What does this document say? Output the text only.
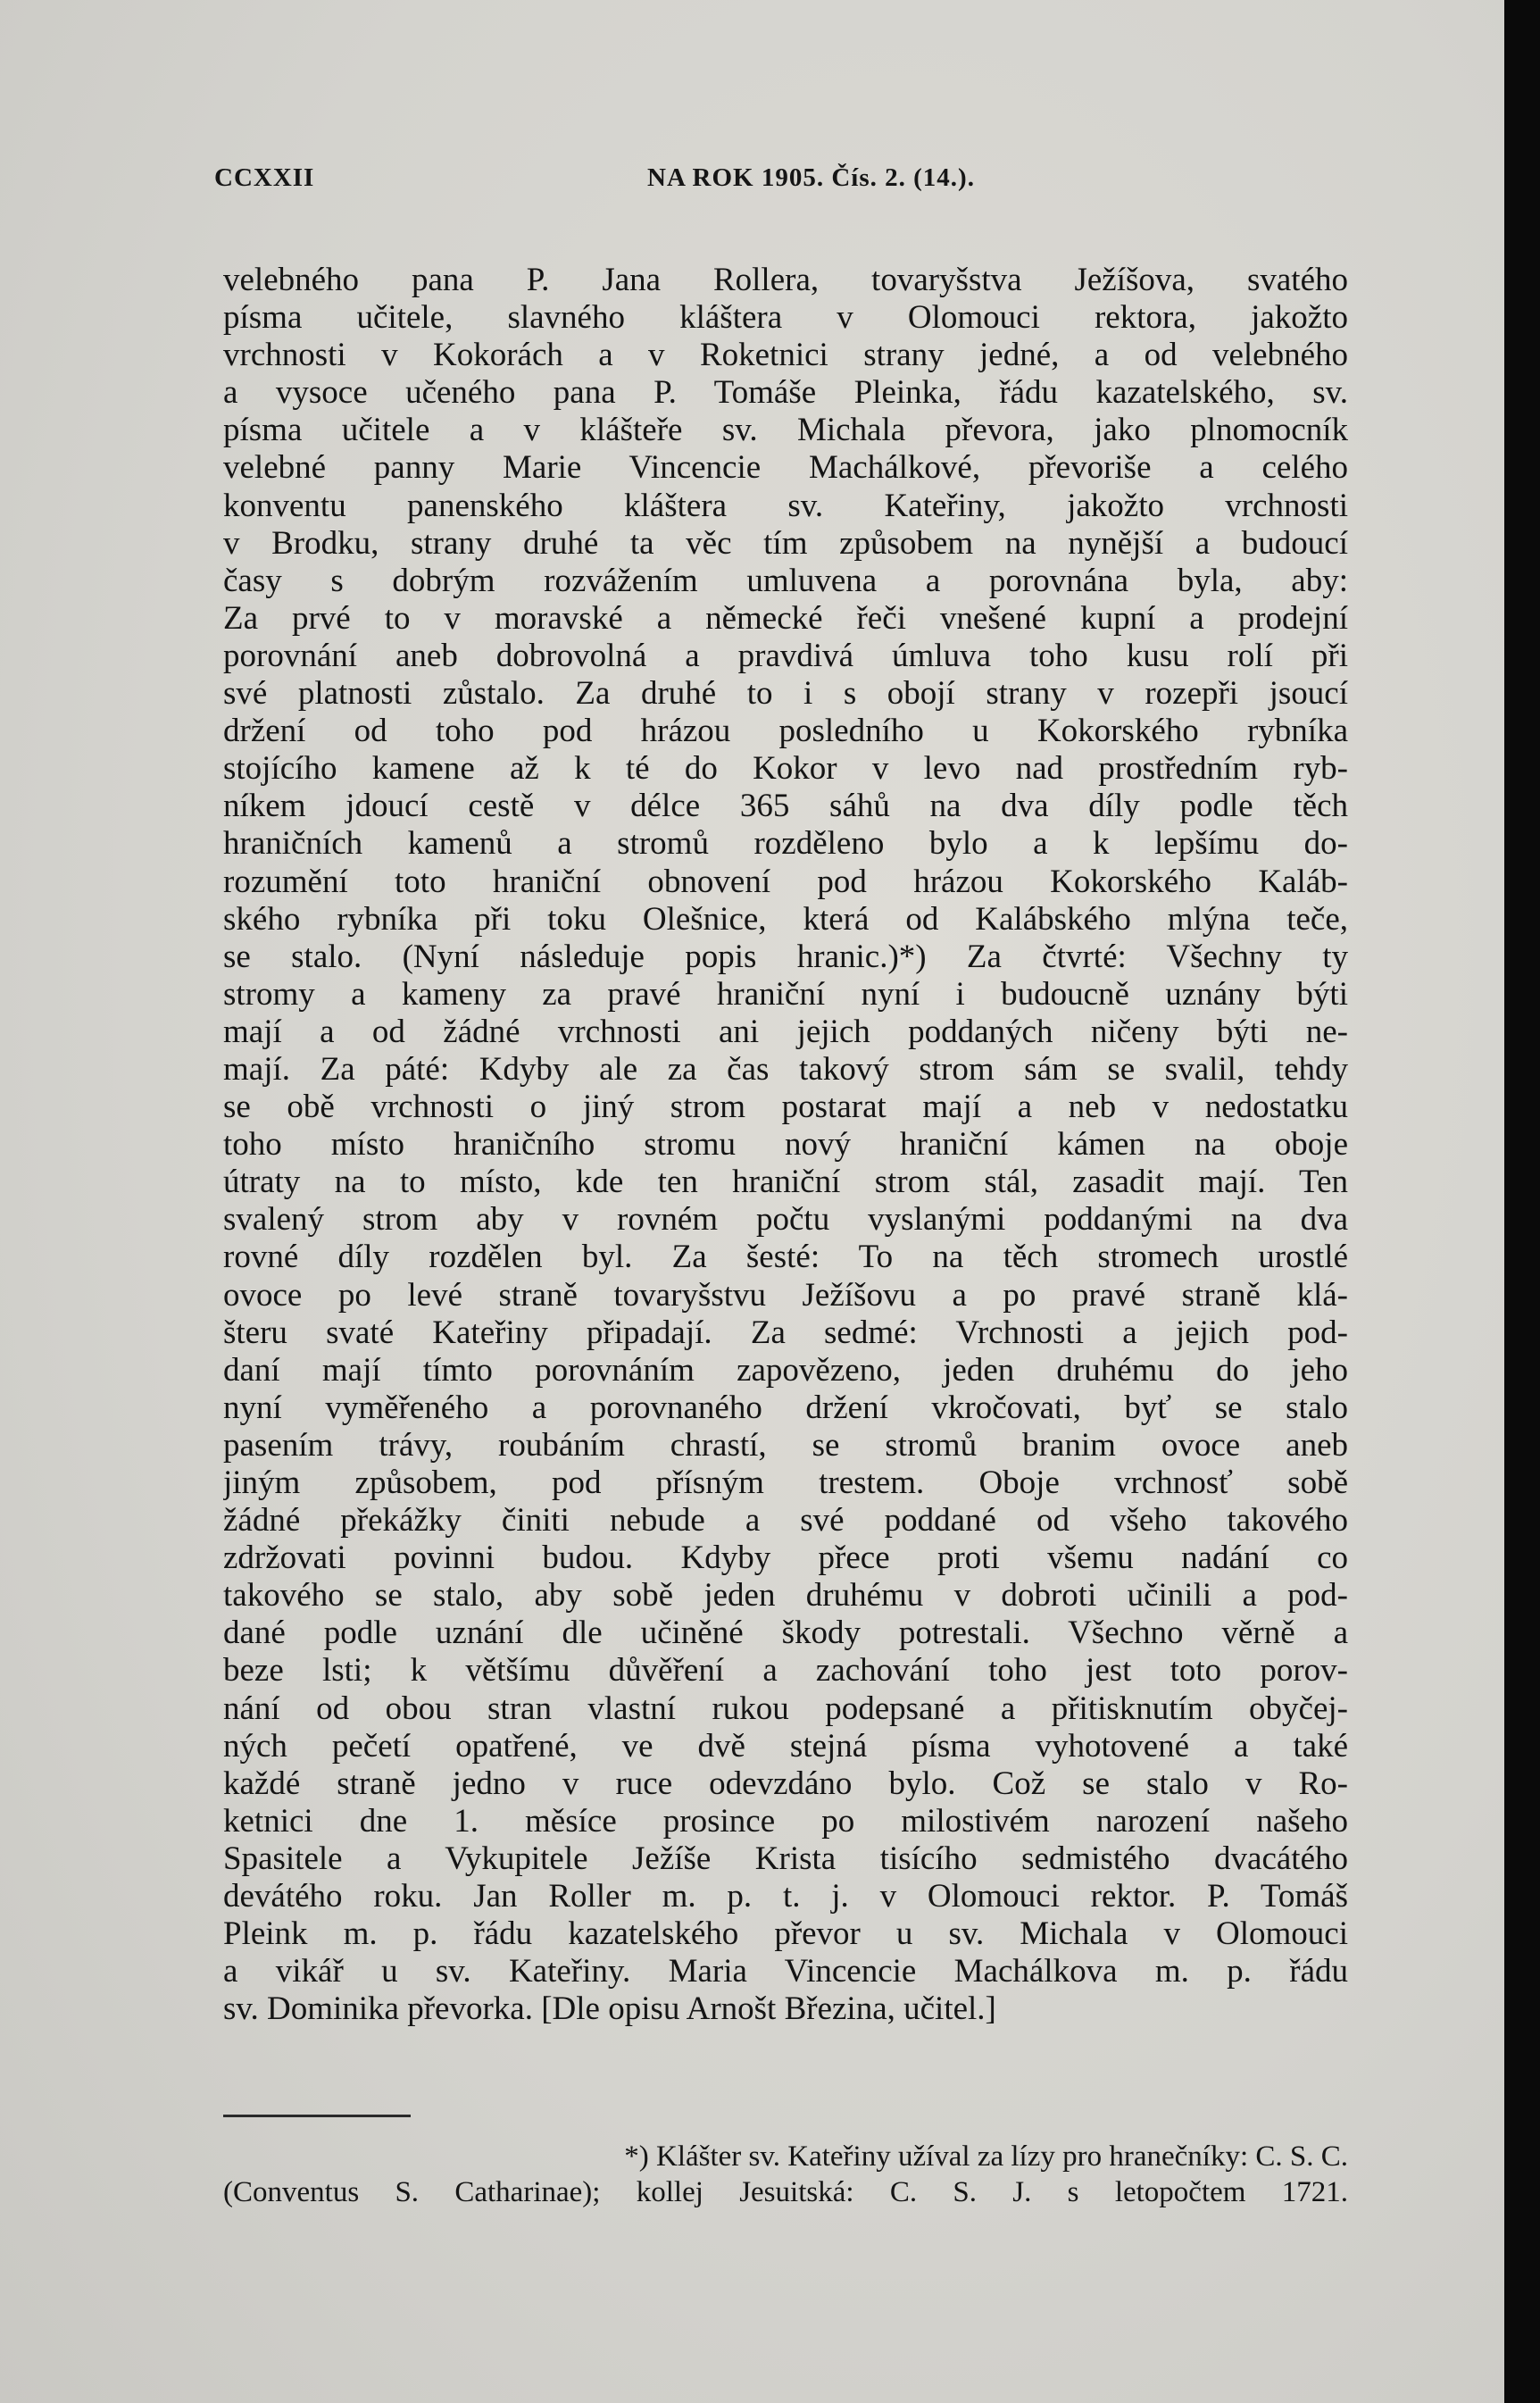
CCXXII	NA ROK 1905. Čís. 2. (14.).
velebného pana P. Jana Rollera, tovaryšstva Ježíšova, svatého
písma učitele, slavného kláštera v Olomouci rektora, jakožto
vrchnosti v Kokorách a v Roketnici strany jedné, a od velebného
a vysoce učeného pana P. Tomáše Pleinka, řádu kazatelského, sv.
písma učitele a v klášteře sv. Michala převora, jako plnomocník
velebné panny Marie Vincencie Machálkové, převoriše a celého
konventu panenského kláštera sv. Kateřiny, jakožto vrchnosti
v Brodku, strany druhé ta věc tím způsobem na nynější a budoucí
časy s dobrým rozvážením umluvena a porovnána byla, aby:
Za prvé to v moravské a německé řeči vnešené kupní a prodejní
porovnání aneb dobrovolná a pravdivá úmluva toho kusu rolí při
své platnosti zůstalo. Za druhé to i s obojí strany v rozepři jsoucí
držení od toho pod hrázou posledního u Kokorského rybníka
stojícího kamene až k té do Kokor v levo nad prostředním ryb-
níkem jdoucí cestě v délce 365 sáhů na dva díly podle těch
hraničních kamenů a stromů rozděleno bylo a k lepšímu do-
rozumění toto hraniční obnovení pod hrázou Kokorského Kaláb-
ského rybníka při toku Olešnice, která od Kalábského mlýna teče,
se stalo. (Nyní následuje popis hranic.)*) Za čtvrté: Všechny ty
stromy a kameny za pravé hraniční nyní i budoucně uznány býti
mají a od žádné vrchnosti ani jejich poddaných ničeny býti ne-
mají. Za páté: Kdyby ale za čas takový strom sám se svalil, tehdy
se obě vrchnosti o jiný strom postarat mají a neb v nedostatku
toho místo hraničního stromu nový hraniční kámen na oboje
útraty na to místo, kde ten hraniční strom stál, zasadit mají. Ten
svalený strom aby v rovném počtu vyslanými poddanými na dva
rovné díly rozdělen byl. Za šesté: To na těch stromech urostlé
ovoce po levé straně tovaryšstvu Ježíšovu a po pravé straně klá-
šteru svaté Kateřiny připadají. Za sedmé: Vrchnosti a jejich pod-
daní mají tímto porovnáním zapovězeno, jeden druhému do jeho
nyní vyměřeného a porovnaného držení vkročovati, byť se stalo
pasením trávy, roubáním chrastí, se stromů branim ovoce aneb
jiným způsobem, pod přísným trestem. Oboje vrchnosť sobě
žádné překážky činiti nebude a své poddané od všeho takového
zdržovati povinni budou. Kdyby přece proti všemu nadání co
takového se stalo, aby sobě jeden druhému v dobroti učinili a pod-
dané podle uznání dle učiněné škody potrestali. Všechno věrně a
beze lsti; k většímu důvěření a zachování toho jest toto porov-
nání od obou stran vlastní rukou podepsané a přitisknutím obyčej-
ných pečetí opatřené, ve dvě stejná písma vyhotovené a také
každé straně jedno v ruce odevzdáno bylo. Což se stalo v Ro-
ketnici dne 1. měsíce prosince po milostivém narození našeho
Spasitele a Vykupitele Ježíše Krista tisícího sedmistého dvacátého
devátého roku. Jan Roller m. p. t. j. v Olomouci rektor. P. Tomáš
Pleink m. p. řádu kazatelského převor u sv. Michala v Olomouci
a vikář u sv. Kateřiny. Maria Vincencie Machálkova m. p. řádu
sv. Dominika převorka. [Dle opisu Arnošt Březina, učitel.]
*) Klášter sv. Kateřiny užíval za lízy pro hranečníky: C. S. C.
(Conventus S. Catharinae); kollej Jesuitská: C. S. J. s letopočtem 1721.
